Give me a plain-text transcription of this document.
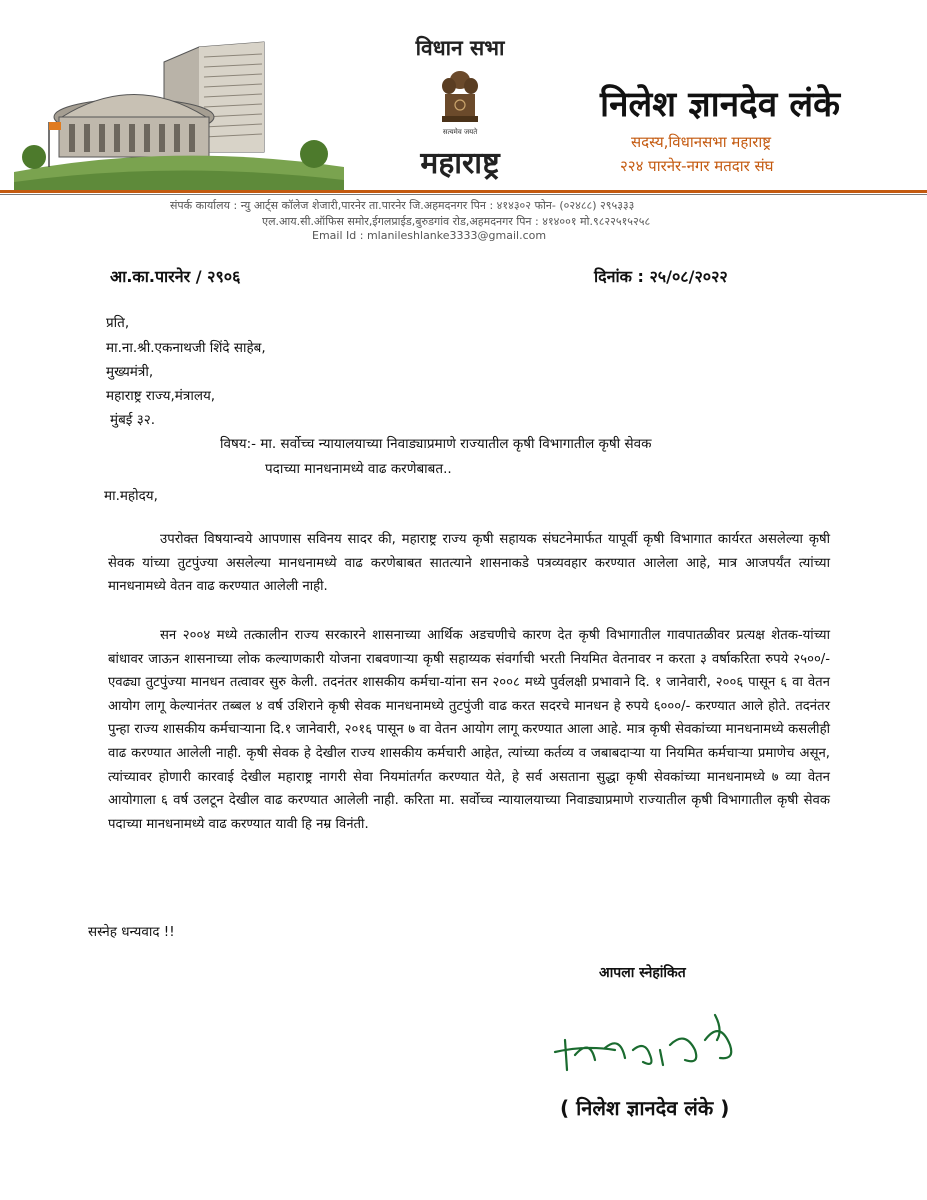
विधान सभा
सत्यमेव जयते
महाराष्ट्र
निलेश ज्ञानदेव लंके
सदस्य,विधानसभा महाराष्ट्र
२२४ पारनेर-नगर मतदार संघ
संपर्क कार्यालय : न्यु आर्ट्स कॉलेज शेजारी,पारनेर ता.पारनेर जि.अहमदनगर पिन : ४१४३०२ फोन- (०२४८८) २९५३३३
एल.आय.सी.ऑफिस समोर,ईगलप्राईड,बुरुडगांव रोड,अहमदनगर पिन : ४१४००१ मो.९८२२५१५२५८
Email Id : mlanileshlanke3333@gmail.com
आ.का.पारनेर / २९०६	दिनांक : २५/०८/२०२२
प्रति,
मा.ना.श्री.एकनाथजी शिंदे साहेब,
मुख्यमंत्री,
महाराष्ट्र राज्य,मंत्रालय,
मुंबई ३२.
विषय:- मा. सर्वोच्च न्यायालयाच्या निवाड्याप्रमाणे राज्यातील कृषी विभागातील कृषी सेवक
पदाच्या मानधनामध्ये वाढ करणेबाबत..
मा.महोदय,

उपरोक्त विषयान्वये आपणास सविनय सादर की, महाराष्ट्र राज्य कृषी सहायक संघटनेमार्फत यापूर्वी कृषी विभागात कार्यरत असलेल्या कृषी सेवक यांच्या तुटपुंज्या असलेल्या मानधनामध्ये वाढ करणेबाबत सातत्याने शासनाकडे पत्रव्यवहार करण्यात आलेला आहे, मात्र आजपर्यंत त्यांच्या मानधनामध्ये वेतन वाढ करण्यात आलेली नाही.

सन २००४ मध्ये तत्कालीन राज्य सरकारने शासनाच्या आर्थिक अडचणीचे कारण देत कृषी विभागातील गावपातळीवर प्रत्यक्ष शेतक-यांच्या बांधावर जाऊन शासनाच्या लोक कल्याणकारी योजना राबवणाऱ्या कृषी सहाय्यक संवर्गाची भरती नियमित वेतनावर न करता ३ वर्षाकरिता रुपये २५००/- एवढ्या तुटपुंज्या मानधन तत्वावर सुरु केली. तदनंतर शासकीय कर्मचा-यांना सन २००८ मध्ये पुर्वलक्षी प्रभावाने दि. १ जानेवारी, २००६ पासून ६ वा वेतन आयोग लागू केल्यानंतर तब्बल ४ वर्ष उशिराने कृषी सेवक मानधनामध्ये तुटपुंजी वाढ करत सदरचे मानधन हे रुपये ६०००/- करण्यात आले होते. तदनंतर पुन्हा राज्य शासकीय कर्मचाऱ्याना दि.१ जानेवारी, २०१६ पासून ७ वा वेतन आयोग लागू करण्यात आला आहे. मात्र कृषी सेवकांच्या मानधनामध्ये कसलीही वाढ करण्यात आलेली नाही. कृषी सेवक हे देखील राज्य शासकीय कर्मचारी आहेत, त्यांच्या कर्तव्य व जबाबदाऱ्या या नियमित कर्मचाऱ्या प्रमाणेच असून, त्यांच्यावर होणारी कारवाई देखील महाराष्ट्र नागरी सेवा नियमांतर्गत करण्यात येते, हे सर्व असताना सुद्धा कृषी सेवकांच्या मानधनामध्ये ७ व्या वेतन आयोगाला ६ वर्ष उलटून देखील वाढ करण्यात आलेली नाही. करिता मा. सर्वोच्च न्यायालयाच्या निवाड्याप्रमाणे राज्यातील कृषी विभागातील कृषी सेवक पदाच्या मानधनामध्ये वाढ करण्यात यावी हि नम्र विनंती.

सस्नेह धन्यवाद !!
आपला स्नेहांकित
( निलेश ज्ञानदेव लंके )
